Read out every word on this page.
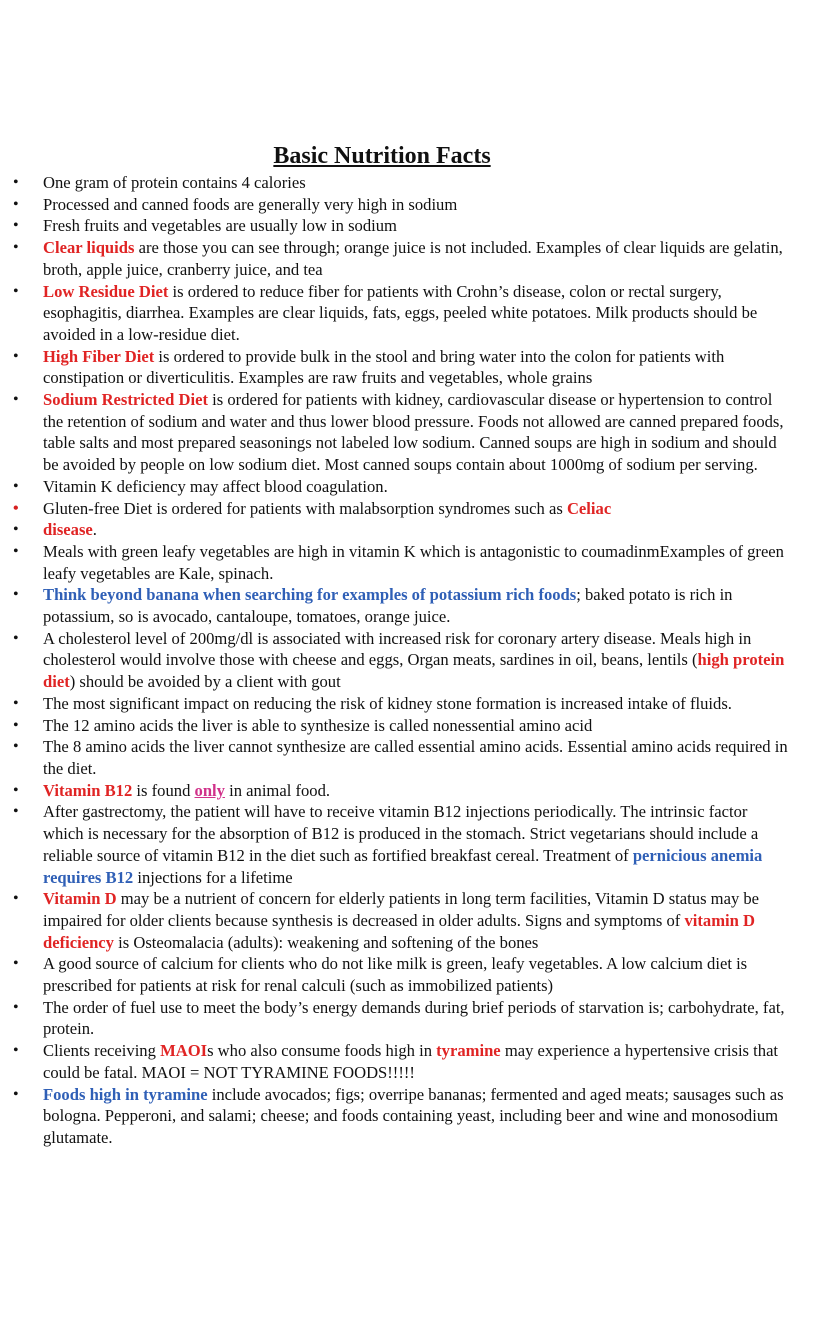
Basic Nutrition Facts
• One gram of protein contains 4 calories
• Processed and canned foods are generally very high in sodium
• Fresh fruits and vegetables are usually low in sodium
• Clear liquids are those you can see through; orange juice is not included. Examples of clear liquids are gelatin, broth, apple juice, cranberry juice, and tea
• Low Residue Diet is ordered to reduce fiber for patients with Crohn’s disease, colon or rectal surgery, esophagitis, diarrhea. Examples are clear liquids, fats, eggs, peeled white potatoes. Milk products should be avoided in a low-residue diet.
• High Fiber Diet is ordered to provide bulk in the stool and bring water into the colon for patients with constipation or diverticulitis. Examples are raw fruits and vegetables, whole grains
• Sodium Restricted Diet is ordered for patients with kidney, cardiovascular disease or hypertension to control the retention of sodium and water and thus lower blood pressure. Foods not allowed are canned prepared foods, table salts and most prepared seasonings not labeled low sodium. Canned soups are high in sodium and should be avoided by people on low sodium diet. Most canned soups contain about 1000mg of sodium per serving.
• Vitamin K deficiency may affect blood coagulation.
• Gluten-free Diet is ordered for patients with malabsorption syndromes such as Celiac
• disease.
• Meals with green leafy vegetables are high in vitamin K which is antagonistic to coumadinmExamples of green leafy vegetables are Kale, spinach.
• Think beyond banana when searching for examples of potassium rich foods; baked potato is rich in potassium, so is avocado, cantaloupe, tomatoes, orange juice.
• A cholesterol level of 200mg/dl is associated with increased risk for coronary artery disease. Meals high in cholesterol would involve those with cheese and eggs, Organ meats, sardines in oil, beans, lentils (high protein diet) should be avoided by a client with gout
• The most significant impact on reducing the risk of kidney stone formation is increased intake of fluids.
• The 12 amino acids the liver is able to synthesize is called nonessential amino acid
• The 8 amino acids the liver cannot synthesize are called essential amino acids. Essential amino acids required in the diet.
• Vitamin B12 is found only in animal food.
• After gastrectomy, the patient will have to receive vitamin B12 injections periodically. The intrinsic factor which is necessary for the absorption of B12 is produced in the stomach. Strict vegetarians should include a reliable source of vitamin B12 in the diet such as fortified breakfast cereal. Treatment of pernicious anemia requires B12 injections for a lifetime
• Vitamin D may be a nutrient of concern for elderly patients in long term facilities, Vitamin D status may be impaired for older clients because synthesis is decreased in older adults. Signs and symptoms of vitamin D deficiency is Osteomalacia (adults): weakening and softening of the bones
• A good source of calcium for clients who do not like milk is green, leafy vegetables. A low calcium diet is prescribed for patients at risk for renal calculi (such as immobilized patients)
• The order of fuel use to meet the body’s energy demands during brief periods of starvation is; carbohydrate, fat, protein.
• Clients receiving MAOIs who also consume foods high in tyramine may experience a hypertensive crisis that could be fatal. MAOI = NOT TYRAMINE FOODS!!!!!
• Foods high in tyramine include avocados; figs; overripe bananas; fermented and aged meats; sausages such as bologna. Pepperoni, and salami; cheese; and foods containing yeast, including beer and wine and monosodium glutamate.
